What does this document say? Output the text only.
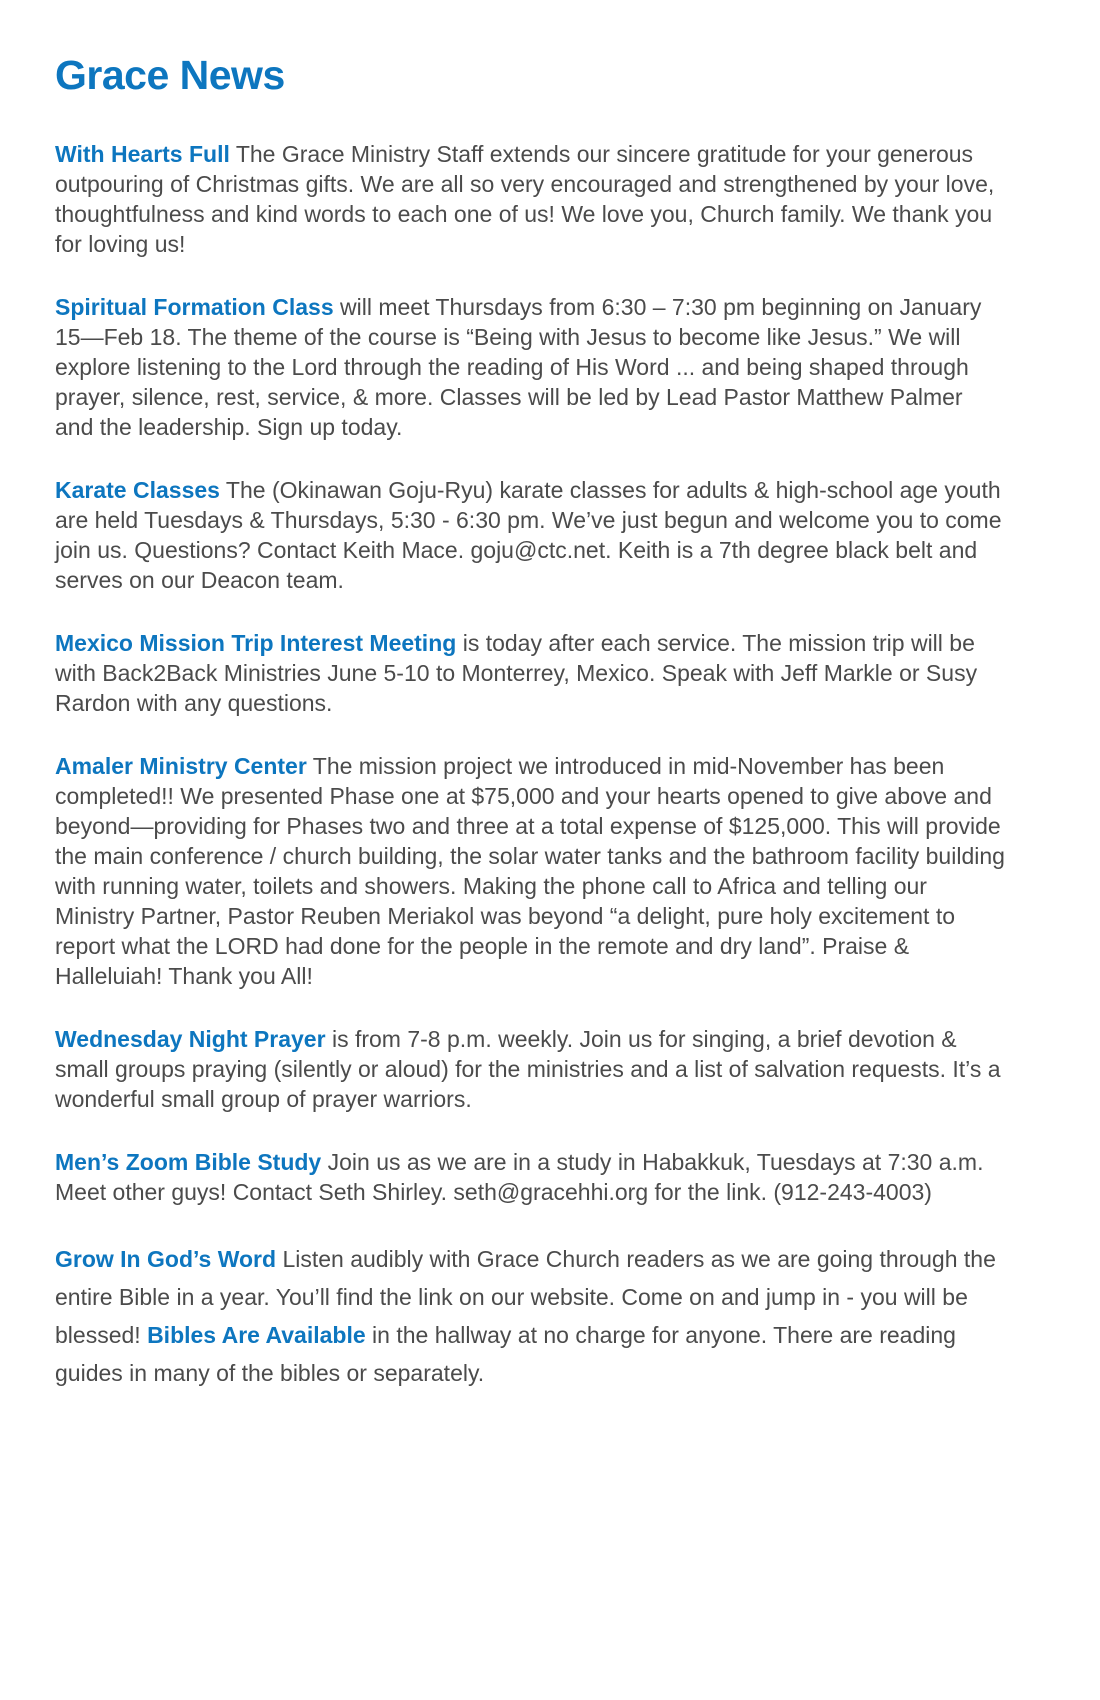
Grace News

With Hearts Full The Grace Ministry Staff extends our sincere gratitude for your generous outpouring of Christmas gifts. We are all so very encouraged and strengthened by your love, thoughtfulness and kind words to each one of us! We love you, Church family. We thank you for loving us!

Spiritual Formation Class will meet Thursdays from 6:30 – 7:30 pm beginning on January 15—Feb 18. The theme of the course is “Being with Jesus to become like Jesus.” We will explore listening to the Lord through the reading of His Word ... and being shaped through prayer, silence, rest, service, & more. Classes will be led by Lead Pastor Matthew Palmer and the leadership. Sign up today.

Karate Classes The (Okinawan Goju-Ryu) karate classes for adults & high-school age youth are held Tuesdays & Thursdays, 5:30 - 6:30 pm. We’ve just begun and welcome you to come join us. Questions? Contact Keith Mace. goju@ctc.net. Keith is a 7th degree black belt and serves on our Deacon team.

Mexico Mission Trip Interest Meeting is today after each service. The mission trip will be with Back2Back Ministries June 5-10 to Monterrey, Mexico. Speak with Jeff Markle or Susy Rardon with any questions.

Amaler Ministry Center The mission project we introduced in mid-November has been completed!! We presented Phase one at $75,000 and your hearts opened to give above and beyond—providing for Phases two and three at a total expense of $125,000. This will provide the main conference / church building, the solar water tanks and the bathroom facility building with running water, toilets and showers. Making the phone call to Africa and telling our Ministry Partner, Pastor Reuben Meriakol was beyond “a delight, pure holy excitement to report what the LORD had done for the people in the remote and dry land”. Praise & Halleluiah! Thank you All!

Wednesday Night Prayer is from 7-8 p.m. weekly. Join us for singing, a brief devotion & small groups praying (silently or aloud) for the ministries and a list of salvation requests. It’s a wonderful small group of prayer warriors.

Men’s Zoom Bible Study Join us as we are in a study in Habakkuk, Tuesdays at 7:30 a.m. Meet other guys! Contact Seth Shirley. seth@gracehhi.org for the link. (912-243-4003)

Grow In God’s Word Listen audibly with Grace Church readers as we are going through the entire Bible in a year. You’ll find the link on our website. Come on and jump in - you will be blessed! Bibles Are Available in the hallway at no charge for anyone. There are reading guides in many of the bibles or separately.
